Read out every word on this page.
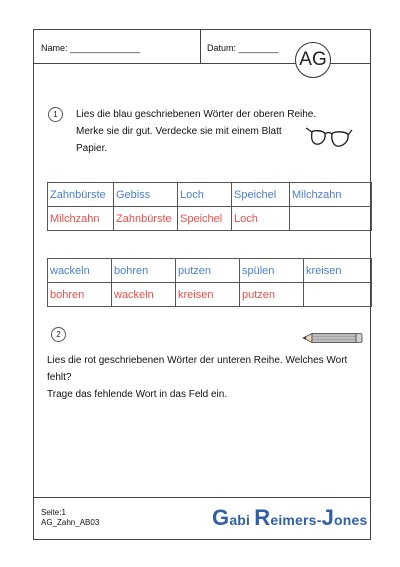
Name: ______________	Datum: ________
AG
1	Lies die blau geschriebenen Wörter der oberen Reihe.
Merke sie dir gut. Verdecke sie mit einem Blatt
Papier.
Zahnbürste	Gebiss	Loch	Speichel	Milchzahn
Milchzahn	Zahnbürste	Speichel	Loch	
wackeln	bohren	putzen	spülen	kreisen
bohren	wackeln	kreisen	putzen	
2
Lies die rot geschriebenen Wörter der unteren Reihe. Welches Wort
fehlt?
Trage das fehlende Wort in das Feld ein.
Seite:1
AG_Zahn_AB03	Gabi Reimers-Jones
